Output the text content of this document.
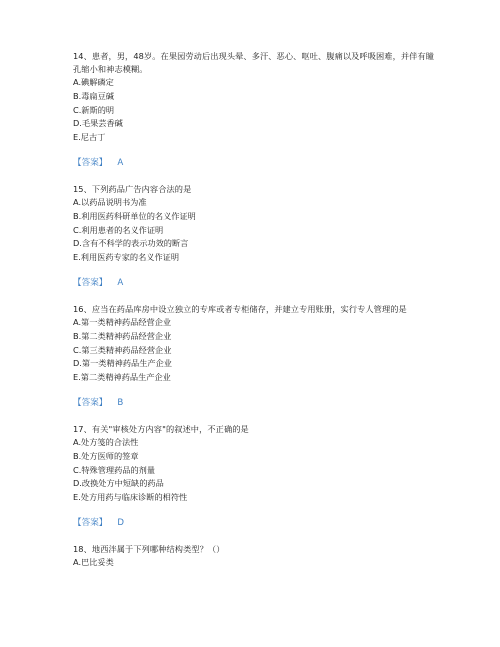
14、患者，男，48岁。在果园劳动后出现头晕、多汗、恶心、呕吐、腹痛以及呼吸困难，并伴有瞳孔缩小和神志模糊。

A.碘解磷定

B.毒扁豆碱

C.新斯的明

D.毛果芸香碱

E.尼古丁

【答案】 A

15、下列药品广告内容合法的是

A.以药品说明书为准

B.利用医药科研单位的名义作证明

C.利用患者的名义作证明

D.含有不科学的表示功效的断言

E.利用医药专家的名义作证明

【答案】 A

16、应当在药品库房中设立独立的专库或者专柜储存，并建立专用账册，实行专人管理的是

A.第一类精神药品经营企业

B.第二类精神药品经营企业

C.第三类精神药品经营企业

D.第一类精神药品生产企业

E.第二类精神药品生产企业

【答案】 B

17、有关"审核处方内容"的叙述中，不正确的是

A.处方笺的合法性

B.处方医师的签章

C.特殊管理药品的剂量

D.改换处方中短缺的药品

E.处方用药与临床诊断的相符性

【答案】 D

18、地西泮属于下列哪种结构类型？（）

A.巴比妥类
